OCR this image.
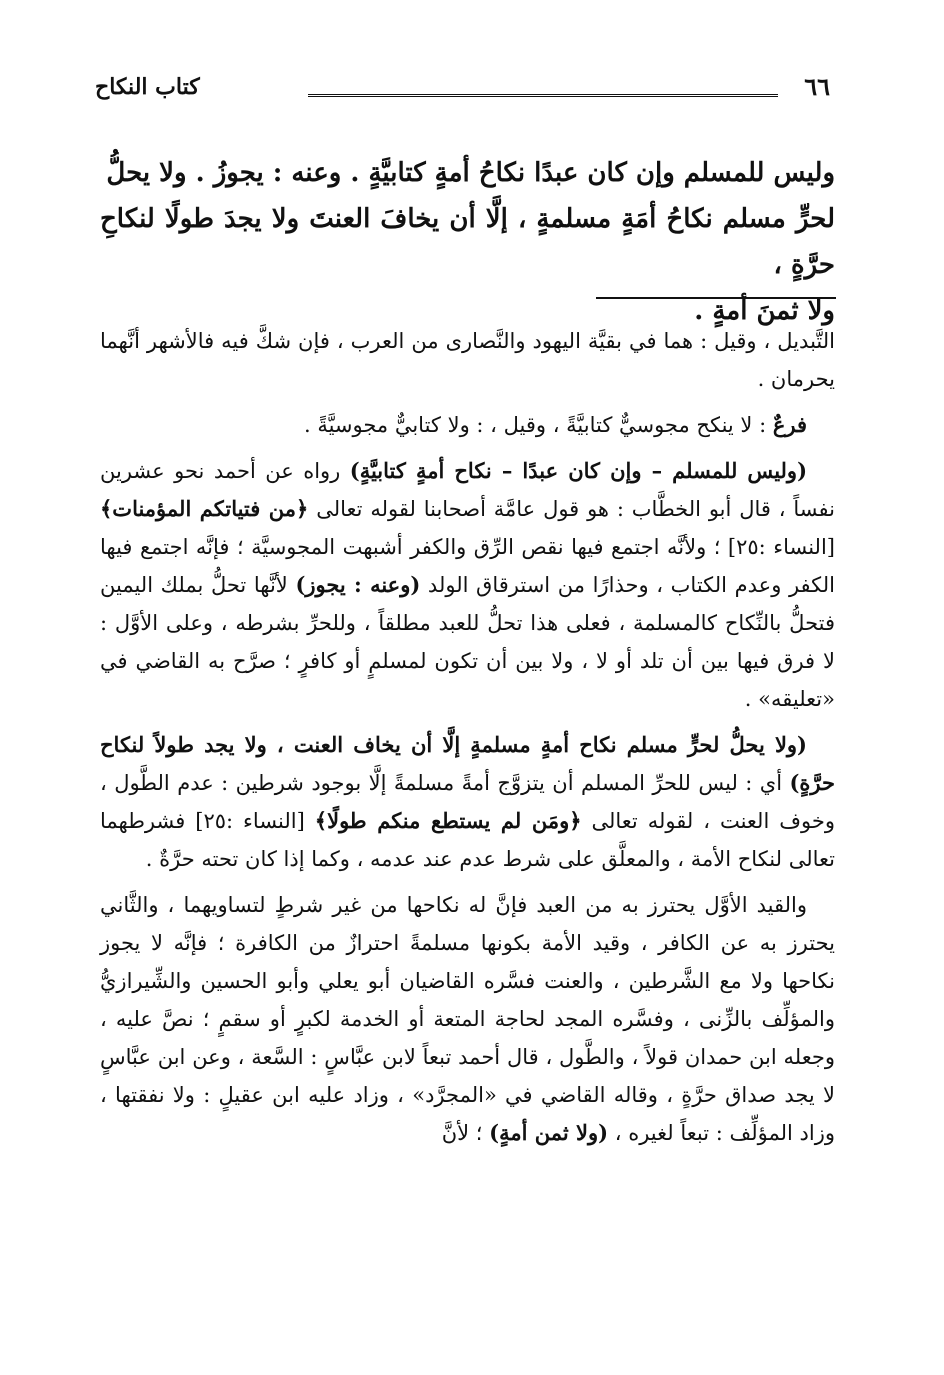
٦٦
كتاب النكاح

وليس للمسلم وإن كان عبدًا نكاحُ أمةٍ كتابيَّةٍ . وعنه : يجوزُ . ولا يحلُّ

لحرٍّ مسلم نكاحُ أمَةٍ مسلمةٍ ، إلَّا أن يخافَ العنتَ ولا يجدَ طولًا لنكاحِ حرَّةٍ ،

ولا ثمنَ أمةٍ .

التَّبديل ، وقيل : هما في بقيَّة اليهود والنَّصارى من العرب ، فإن شكَّ فيه فالأشهر أنَّهما يحرمان .

فرعٌ : لا ينكح مجوسيٌّ كتابيَّةً ، وقيل ، : ولا كتابيٌّ مجوسيَّةً .

(وليس للمسلم – وإن كان عبدًا – نكاح أمةٍ كتابيَّةٍ) رواه عن أحمد نحو عشرين نفساً ، قال أبو الخطَّاب : هو قول عامَّة أصحابنا لقوله تعالى ﴿من فتياتكم المؤمنات﴾ [النساء :٢٥] ؛ ولأنَّه اجتمع فيها نقص الرِّق والكفر أشبهت المجوسيَّة ؛ فإنَّه اجتمع فيها الكفر وعدم الكتاب ، وحذارًا من استرقاق الولد (وعنه : يجوز) لأنَّها تحلُّ بملك اليمين فتحلُّ بالنِّكاح كالمسلمة ، فعلى هذا تحلُّ للعبد مطلقاً ، وللحرِّ بشرطه ، وعلى الأوَّل : لا فرق فيها بين أن تلد أو لا ، ولا بين أن تكون لمسلمٍ أو كافرٍ ؛ صرَّح به القاضي في «تعليقه» .

(ولا يحلُّ لحرٍّ مسلم نكاح أمةٍ مسلمةٍ إلَّا أن يخاف العنت ، ولا يجد طولاً لنكاح حرَّةٍ) أي : ليس للحرِّ المسلم أن يتزوَّج أمةً مسلمةً إلَّا بوجود شرطين : عدم الطَّول ، وخوف العنت ، لقوله تعالى ﴿ومَن لم يستطع منكم طولًا﴾ [النساء :٢٥] فشرطهما تعالى لنكاح الأمة ، والمعلَّق على شرط عدم عند عدمه ، وكما إذا كان تحته حرَّةٌ .

والقيد الأوَّل يحترز به من العبد فإنَّ له نكاحها من غير شرطٍ لتساويهما ، والثَّاني يحترز به عن الكافر ، وقيد الأمة بكونها مسلمةً احترازٌ من الكافرة ؛ فإنَّه لا يجوز نكاحها ولا مع الشَّرطين ، والعنت فسَّره القاضيان أبو يعلي وأبو الحسين والشِّيرازيُّ والمؤلِّف بالزِّنى ، وفسَّره المجد لحاجة المتعة أو الخدمة لكبرٍ أو سقمٍ ؛ نصَّ عليه ، وجعله ابن حمدان قولاً ، والطَّول ، قال أحمد تبعاً لابن عبَّاسٍ : السَّعة ، وعن ابن عبَّاسٍ لا يجد صداق حرَّةٍ ، وقاله القاضي في «المجرَّد» ، وزاد عليه ابن عقيلٍ : ولا نفقتها ، وزاد المؤلِّف : تبعاً لغيره ، (ولا ثمن أمةٍ) ؛ لأنَّ
